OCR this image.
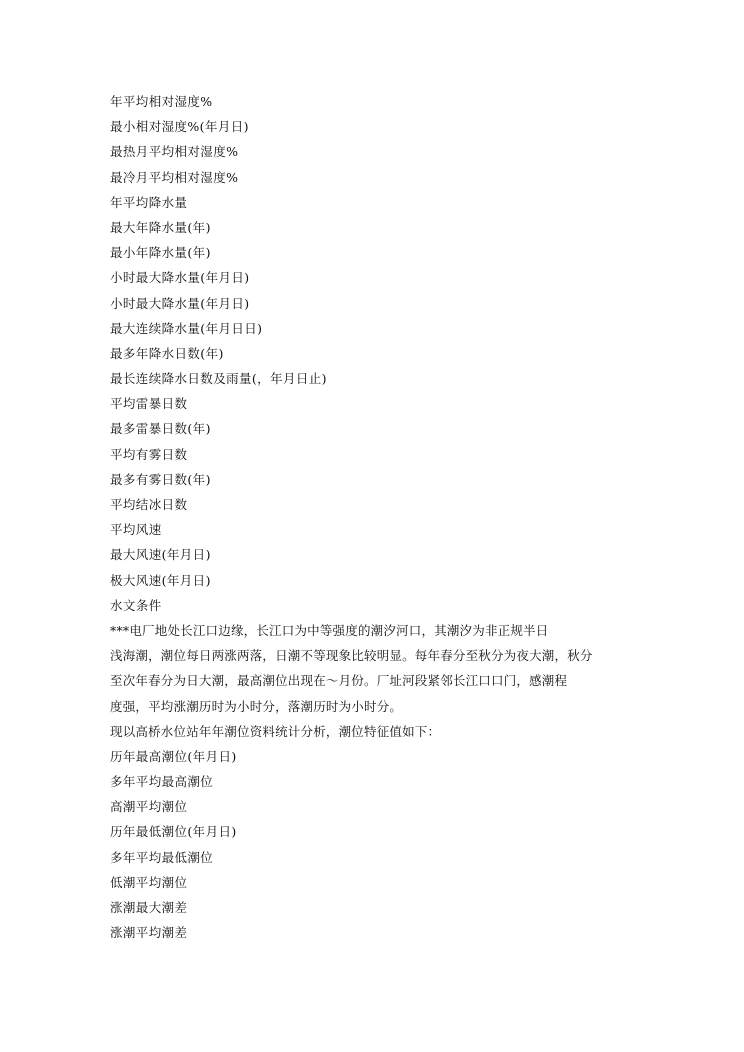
年平均相对湿度%
最小相对湿度%(年月日)
最热月平均相对湿度%
最冷月平均相对湿度%
年平均降水量
最大年降水量(年)
最小年降水量(年)
小时最大降水量(年月日)
小时最大降水量(年月日)
最大连续降水量(年月日日)
最多年降水日数(年)
最长连续降水日数及雨量(，年月日止)
平均雷暴日数
最多雷暴日数(年)
平均有雾日数
最多有雾日数(年)
平均结冰日数
平均风速
最大风速(年月日)
极大风速(年月日)
水文条件
***电厂地处长江口边缘，长江口为中等强度的潮汐河口，其潮汐为非正规半日
浅海潮，潮位每日两涨两落，日潮不等现象比较明显。每年春分至秋分为夜大潮，秋分
至次年春分为日大潮，最高潮位出现在～月份。厂址河段紧邻长江口口门，感潮程
度强，平均涨潮历时为小时分，落潮历时为小时分。
现以高桥水位站年年潮位资料统计分析，潮位特征值如下：
历年最高潮位(年月日)
多年平均最高潮位
高潮平均潮位
历年最低潮位(年月日)
多年平均最低潮位
低潮平均潮位
涨潮最大潮差
涨潮平均潮差
